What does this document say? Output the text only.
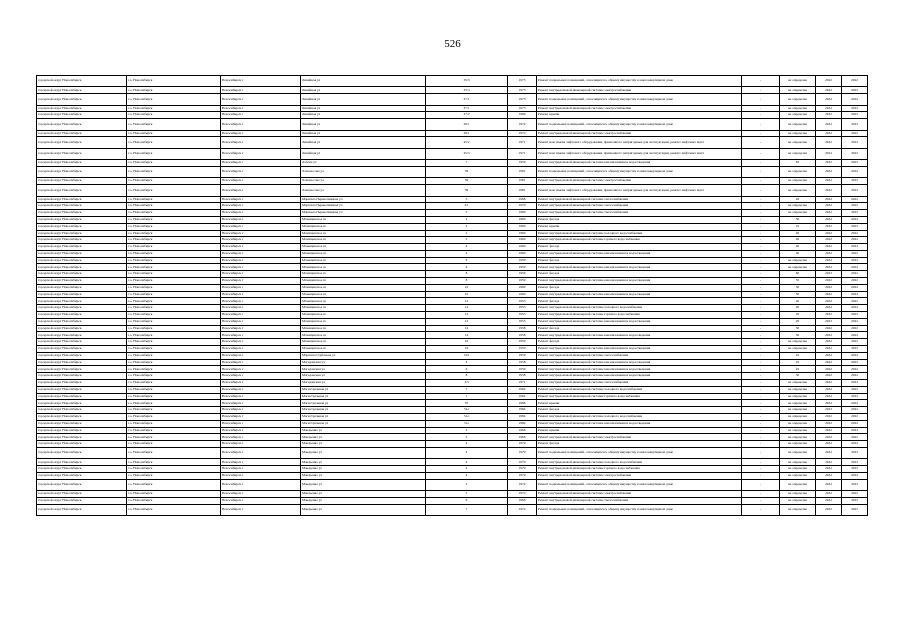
526
городской округ Новосибирск	г.о. Новосибирск	Новосибирск г	Линейная ул	35/3	1975	Ремонт подвальных помещений, относящихся к общему имуществу в многоквартирном доме	-	не определен	2022	2022
городской округ Новосибирск	г.о. Новосибирск	Новосибирск г	Линейная ул	35/3	1975	Ремонт внутридомовой инженерной системы электроснабжения	-	не определен	2022	2022
городской округ Новосибирск	г.о. Новосибирск	Новосибирск г	Линейная ул	37/1	1975	Ремонт подвальных помещений, относящихся к общему имуществу в многоквартирном доме	-	не определен	2022	2022
городской округ Новосибирск	г.о. Новосибирск	Новосибирск г	Линейная ул	37/1	1975	Ремонт внутридомовой инженерной системы электроснабжения	-	не определен	2022	2022
городской округ Новосибирск	г.о. Новосибирск	Новосибирск г	Линейная ул	37/2	1989	Ремонт крыши	-	не определен	2022	2022
городской округ Новосибирск	г.о. Новосибирск	Новосибирск г	Линейная ул	39/1	1974	Ремонт подвальных помещений, относящихся к общему имуществу в многоквартирном доме	-	не определен	2022	2022
городской округ Новосибирск	г.о. Новосибирск	Новосибирск г	Линейная ул	39/1	1974	Ремонт внутридомовой инженерной системы электроснабжения	-	не определен	2022	2022
городской округ Новосибирск	г.о. Новосибирск	Новосибирск г	Линейная ул	45/2	1971	Ремонт или замена лифтового оборудования, признанного непригодным для эксплуатации, ремонт лифтовых шахт	-	не определен	2022	2022
городской округ Новосибирск	г.о. Новосибирск	Новосибирск г	Линейная ул	45/3	1971	Ремонт или замена лифтового оборудования, признанного непригодным для эксплуатации, ремонт лифтовых шахт	-	не определен	2022	2022
городской округ Новосибирск	г.о. Новосибирск	Новосибирск г	Лобова ул	7	1959	Ремонт внутридомовой инженерной системы канализования и водоотведения	-	65	2022	2022
городской округ Новосибирск	г.о. Новосибирск	Новосибирск г	Ломоносова ул	59	1981	Ремонт подвальных помещений, относящихся к общему имуществу в многоквартирном доме	-	не определен	2022	2022
городской округ Новосибирск	г.о. Новосибирск	Новосибирск г	Ломоносова ул	59	1981	Ремонт внутридомовой инженерной системы электроснабжения	-	не определен	2022	2022
городской округ Новосибирск	г.о. Новосибирск	Новосибирск г	Ломоносова ул	59	1981	Ремонт или замена лифтового оборудования, признанного непригодным для эксплуатации, ремонт лифтовых шахт	-	не определен	2022	2022
городской округ Новосибирск	г.о. Новосибирск	Новосибирск г	Маршала Перекопчикова ул	3	1968	Ремонт внутридомовой инженерной системы теплоснабжения	-	20	2022	2022
городской округ Новосибирск	г.о. Новосибирск	Новосибирск г	Маршала Перекопчикова ул	3/1	1970	Ремонт внутридомовой инженерной системы теплоснабжения	-	не определен	2022	2022
городской округ Новосибирск	г.о. Новосибирск	Новосибирск г	Маршала Перекопчикова ул	5	1969	Ремонт внутридомовой инженерной системы теплоснабжения	-	не определен	2022	2022
городской округ Новосибирск	г.о. Новосибирск	Новосибирск г	Мочищенское ш	2	1960	Ремонт фасада	-	50	2022	2022
городской округ Новосибирск	г.о. Новосибирск	Новосибирск г	Мочищенское ш	2	1960	Ремонт крыши	-	10	2022	2022
городской округ Новосибирск	г.о. Новосибирск	Новосибирск г	Мочищенское ш	2	1960	Ремонт внутридомовой инженерной системы холодного водоснабжения	-	40	2022	2022
городской округ Новосибирск	г.о. Новосибирск	Новосибирск г	Мочищенское ш	2	1960	Ремонт внутридомовой инженерной системы горячего водоснабжения	-	40	2022	2022
городской округ Новосибирск	г.о. Новосибирск	Новосибирск г	Мочищенское ш	4	1960	Ремонт фасада	-	40	2022	2022
городской округ Новосибирск	г.о. Новосибирск	Новосибирск г	Мочищенское ш	4	1960	Ремонт внутридомовой инженерной системы канализования и водоотведения	-	40	2022	2022
городской округ Новосибирск	г.о. Новосибирск	Новосибирск г	Мочищенское ш	6	1959	Ремонт фасада	-	не определен	2022	2022
городской округ Новосибирск	г.о. Новосибирск	Новосибирск г	Мочищенское ш	6	1959	Ремонт внутридомовой инженерной системы канализования и водоотведения	-	не определен	2022	2022
городской округ Новосибирск	г.о. Новосибирск	Новосибирск г	Мочищенское ш	8	1959	Ремонт фасада	-	60	2022	2022
городской округ Новосибирск	г.о. Новосибирск	Новосибирск г	Мочищенское ш	8	1959	Ремонт внутридомовой инженерной системы канализования и водоотведения	-	55	2022	2022
городской округ Новосибирск	г.о. Новосибирск	Новосибирск г	Мочищенское ш	10	1960	Ремонт фасада	-	50	2022	2022
городской округ Новосибирск	г.о. Новосибирск	Новосибирск г	Мочищенское ш	10	1960	Ремонт внутридомовой инженерной системы канализования и водоотведения	-	50	2022	2022
городской округ Новосибирск	г.о. Новосибирск	Новосибирск г	Мочищенское ш	12	1953	Ремонт фасада	-	20	2022	2022
городской округ Новосибирск	г.о. Новосибирск	Новосибирск г	Мочищенское ш	12	1953	Ремонт внутридомовой инженерной системы холодного водоснабжения	-	20	2022	2022
городской округ Новосибирск	г.о. Новосибирск	Новосибирск г	Мочищенское ш	12	1953	Ремонт внутридомовой инженерной системы горячего водоснабжения	-	20	2022	2022
городской округ Новосибирск	г.о. Новосибирск	Новосибирск г	Мочищенское ш	12	1953	Ремонт внутридомовой инженерной системы канализования и водоотведения	-	20	2022	2022
городской округ Новосибирск	г.о. Новосибирск	Новосибирск г	Мочищенское ш	14	1958	Ремонт фасада	-	50	2022	2022
городской округ Новосибирск	г.о. Новосибирск	Новосибирск г	Мочищенское ш	14	1958	Ремонт внутридомовой инженерной системы канализования и водоотведения	-	50	2022	2022
городской округ Новосибирск	г.о. Новосибирск	Новосибирск г	Мочищенское ш	16	1959	Ремонт фасада	-	не определен	2022	2022
городской округ Новосибирск	г.о. Новосибирск	Новосибирск г	Мочищенское ш	16	1959	Ремонт внутридомовой инженерной системы канализования и водоотведения	-	не определен	2022	2022
городской округ Новосибирск	г.о. Новосибирск	Новосибирск г	Маршала Горбанова ул	102	1959	Ремонт внутридомовой инженерной системы теплоснабжения	-	45	2022	2022
городской округ Новосибирск	г.о. Новосибирск	Новосибирск г	Магаданская ул	4	1958	Ремонт внутридомовой инженерной системы канализования и водоотведения	-	45	2022	2022
городской округ Новосибирск	г.о. Новосибирск	Новосибирск г	Магаданская ул	6	1959	Ремонт внутридомовой инженерной системы канализования и водоотведения	-	45	2022	2022
городской округ Новосибирск	г.о. Новосибирск	Новосибирск г	Магаданская ул	8	1958	Ремонт внутридомовой инженерной системы канализования и водоотведения	-	50	2022	2022
городской округ Новосибирск	г.о. Новосибирск	Новосибирск г	Магаданская ул	3/5	1971	Ремонт внутридомовой инженерной системы теплоснабжения	-	не определен	2022	2022
городской округ Новосибирск	г.о. Новосибирск	Новосибирск г	Магистральная ул	7	1962	Ремонт внутридомовой инженерной системы холодного водоснабжения	-	не определен	2022	2022
городской округ Новосибирск	г.о. Новосибирск	Новосибирск г	Магистральная ул	7	1962	Ремонт внутридомовой инженерной системы горячего водоснабжения	-	не определен	2022	2022
городской округ Новосибирск	г.о. Новосибирск	Новосибирск г	Магистральная ул	55	1986	Ремонт крыши	-	не определен	2022	2022
городской округ Новосибирск	г.о. Новосибирск	Новосибирск г	Магистральная ул	51а	1984	Ремонт фасада	-	не определен	2022	2022
городской округ Новосибирск	г.о. Новосибирск	Новосибирск г	Магистральная ул	51а	1984	Ремонт внутридомовой инженерной системы холодного водоснабжения	-	не определен	2022	2022
городской округ Новосибирск	г.о. Новосибирск	Новосибирск г	Магистральная ул	51а	1984	Ремонт внутридомовой инженерной системы канализования и водоотведения	-	не определен	2022	2022
городской округ Новосибирск	г.о. Новосибирск	Новосибирск г	Макаренко ул	2	1966	Ремонт крыши	-	не определен	2022	2022
городской округ Новосибирск	г.о. Новосибирск	Новосибирск г	Макаренко ул	2	1966	Ремонт внутридомовой инженерной системы электроснабжения	-	не определен	2022	2022
городской округ Новосибирск	г.о. Новосибирск	Новосибирск г	Макаренко ул	4	1979	Ремонт фасада	-	не определен	2022	2022
городской округ Новосибирск	г.о. Новосибирск	Новосибирск г	Макаренко ул	4	1979	Ремонт подвальных помещений, относящихся к общему имуществу в многоквартирном доме	-	не определен	2022	2022
городской округ Новосибирск	г.о. Новосибирск	Новосибирск г	Макаренко ул	4	1979	Ремонт внутридомовой инженерной системы холодного водоснабжения	-	не определен	2022	2022
городской округ Новосибирск	г.о. Новосибирск	Новосибирск г	Макаренко ул	4	1979	Ремонт внутридомовой инженерной системы горячего водоснабжения	-	не определен	2022	2022
городской округ Новосибирск	г.о. Новосибирск	Новосибирск г	Макаренко ул	4	1979	Ремонт внутридомовой инженерной системы электроснабжения	-	не определен	2022	2022
городской округ Новосибирск	г.о. Новосибирск	Новосибирск г	Макаренко ул	5	1974	Ремонт подвальных помещений, относящихся к общему имуществу в многоквартирном доме	-	не определен	2022	2022
городской округ Новосибирск	г.о. Новосибирск	Новосибирск г	Макаренко ул	5	1974	Ремонт внутридомовой инженерной системы электроснабжения	-	не определен	2022	2022
городской округ Новосибирск	г.о. Новосибирск	Новосибирск г	Макаренко ул	6	1966	Ремонт внутридомовой инженерной системы теплоснабжения	-	не определен	2022	2022
городской округ Новосибирск	г.о. Новосибирск	Новосибирск г	Макаренко ул	7	1974	Ремонт подвальных помещений, относящихся к общему имуществу в многоквартирном доме	-	не определен	2022	2022
